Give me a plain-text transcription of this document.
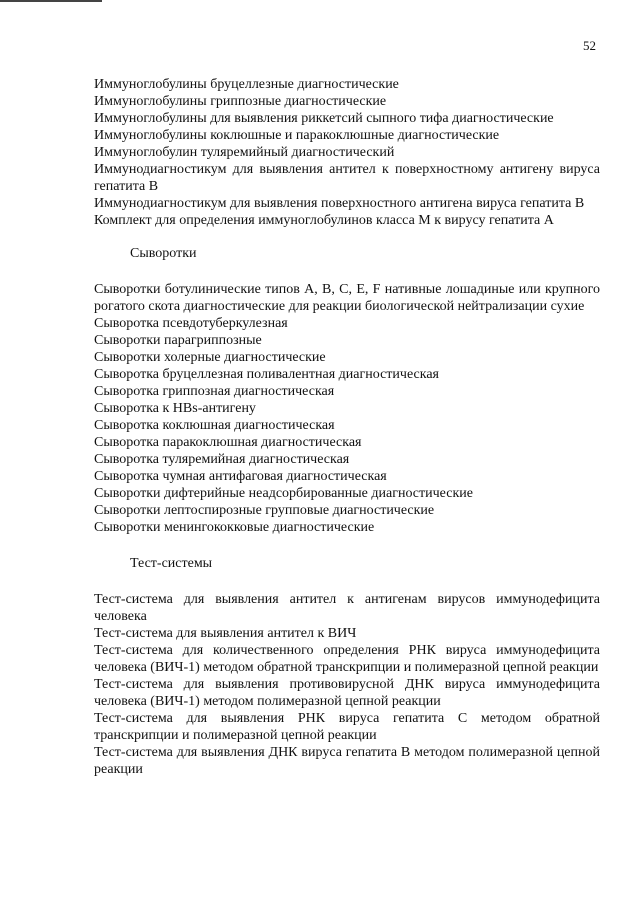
52

Иммуноглобулины бруцеллезные диагностические

Иммуноглобулины гриппозные диагностические

Иммуноглобулины для выявления риккетсий сыпного тифа диагностические

Иммуноглобулины коклюшные и паракоклюшные диагностические

Иммуноглобулин туляремийный диагностический

Иммунодиагностикум для выявления антител к поверхностному антигену вируса гепатита В

Иммунодиагностикум для выявления поверхностного антигена вируса гепатита В

Комплект для определения иммуноглобулинов класса М к вирусу гепатита А

Сыворотки

Сыворотки ботулинические типов А, В, С, Е, F нативные лошадиные или крупного рогатого скота диагностические для реакции биологической нейтрализации сухие

Сыворотка псевдотуберкулезная

Сыворотки парагриппозные

Сыворотки холерные диагностические

Сыворотка бруцеллезная поливалентная диагностическая

Сыворотка гриппозная диагностическая

Сыворотка к HBs-антигену

Сыворотка коклюшная диагностическая

Сыворотка паракоклюшная диагностическая

Сыворотка туляремийная диагностическая

Сыворотка чумная антифаговая диагностическая

Сыворотки дифтерийные неадсорбированные диагностические

Сыворотки лептоспирозные групповые диагностические

Сыворотки менингококковые диагностические

Тест-системы

Тест-система для выявления антител к антигенам вирусов иммунодефицита человека

Тест-система для выявления антител к ВИЧ

Тест-система для количественного определения РНК вируса иммунодефицита человека (ВИЧ-1) методом обратной транскрипции и полимеразной цепной реакции

Тест-система для выявления противовирусной ДНК вируса иммунодефицита человека (ВИЧ-1) методом полимеразной цепной реакции

Тест-система для выявления РНК вируса гепатита С методом обратной транскрипции и полимеразной цепной реакции

Тест-система для выявления ДНК вируса гепатита В методом полимеразной цепной реакции
